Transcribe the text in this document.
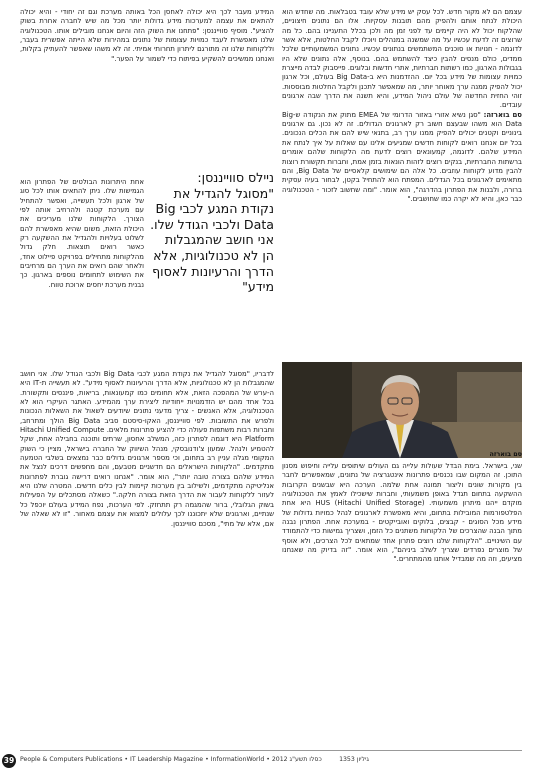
עצמם הם לא מקור חדש. לכל עסק יש מידע שלא עובד בטבלאות. מה שחדש הוא היכולת לנתח אותם ולהפיק מהם תובנות עסקיות. אלו הם נתונים חיצוניים, שהלקוח יכול לא היה קיימים עד לפני זמן מה ולכן בכלל התעניינו בהם. כל מה שרוצים זה לדעת עכשיו על מה שמשנה במנהלים ויוכלו לקבל החלטות, אלא אשר לדוגמה - חנויות או סוכנים המשתמשים בנתונים עכשיו. נתונים המשמעותיים שלכל ממדים, כולם מנסים להבין כיצד להשתמש בהם. בנוסף, אלה נתונים שלא היו בגבולות הארגון, כמו רשתות חברתיות, אתרי חדשות ובלוגים. פייסבוק לבדה מייצרת כמויות עצומות של מידע בכל יום. ההזדמנות היא ב-Big Data בעולם, וכל ארגון יכול להפיק ממנה ערך מאוחר יותר, מה שמאפשר לתכנן ולקבל החלטות מבוססות. זוהי החזית החדשה של עולם ניהול המידע, והיא תשנה את הדרך שבה ארגונים עובדים.

סם בוארזה: "סגן נשיא אזורי באזור הדרומי של EMEA מתוק את הנקודה ש-Big Data הוא משהו שבעצם חשוב רק לארגונים הגדולים. זה לא נכון. גם ארגונים בינוניים וקטנים יכולים להפיק ממנו ערך רב, בתנאי שיש להם את הכלים הנכונים. בכל יום אנחנו רואים לקוחות חדשים שמגיעים אלינו עם שאלות על איך לנתח את המידע שלהם. לדוגמה, קמעונאים רוצים לדעת מה הלקוחות שלהם אומרים ברשתות החברתיות, בנקים רוצים לזהות הונאות בזמן אמת, וחברות תקשורת רוצות להבין מדוע לקוחות עוזבים. כל אלה הם שימושים קלאסיים של Big Data, והם מתאימים לארגונים בכל הגדלים. המפתח הוא להתחיל בקטן, לבחור בעיה עסקית ברורה, ולבנות את הפתרון בהדרגה", הוא אומר. "ומה שחשוב לזכור - הטכנולוגיה כבר כאן, והיא לא יקרה כמו שחושבים."

המידע מעבר לכך היא יכולה לאחסן הכל באותה מערכת וגם זה יחודי - והיא יכולה להתאים את עצמה למערכות מידע גדולות יותר מכל מה שיש לחברה אחרת בשוק להציע". מוסיף סווייננסן: "פתחנו את השוק הזה והיום אנחנו מובילים אותו. הטכנולוגיה שלנו מאפשרת לעבד כמויות עצומות של נתונים במהירות שלא הייתה אפשרית בעבר, וללקוחות שלנו זה מתורגם ליתרון תחרותי אמיתי. זה לא משהו שאפשר להעתיק בקלות, ואנחנו ממשיכים להשקיע בפיתוח כדי לשמור על הפער."

ניילס סווייננסן:
"מסוגל להגדיל את נקודת המגע לכבי Big Data ולכבי הגודל שלו. אני חושב שהמגבלות הן לא טכנולוגיות, אלא הדרך והרעיונות לאסוף מידע"

אחת היתרונות הבולטים של הפתרון הוא הגמישות שלו. ניתן להתאים אותו לכל סוג של ארגון ולכל תעשייה, ואפשר להתחיל עם מערכת קטנה ולהרחיב אותה לפי הצורך. הלקוחות שלנו מעריכים את היכולת הזאת, משום שהיא מאפשרת להם לשלוט בעלויות ולהגדיל את ההשקעה רק כאשר רואים תוצאות. חלק גדול מהלקוחות מתחילים בפרויקט פיילוט אחד, ולאחר שהם רואים את הערך הם מרחיבים את השימוש לתחומים נוספים בארגון. כך נבנית מערכת יחסים ארוכת טווח.

לדבריו, "מסוגל להגדיל את נקודת המגע לכבי Big Data ולכבי הגודל שלו. אני חושב שהמגבלות הן לא טכנולוגיות, אלא הדרך והרעיונות לאסוף מידע". לא תעשייה ת-IT היא ה-ערש של המהפכה הזאת, אלא תחומים כמו קמעונאות, בריאות, פיננסים ותקשורת. בכל אחד מהם יש הזדמנויות ייחודיות ליצירת ערך מהמידע. האתגר העיקרי הוא לא הטכנולוגיה, אלא האנשים - צריך מדעני נתונים שיודעים לשאול את השאלות הנכונות ולפרש את התשובות. לפי סווייננסן, האקו-סיסטם סביב Big Data הולך ומתרחב, וחברות רבות משתפות פעולה כדי להציע פתרונות מלאים. Hitachi Unified Compute Platform היא דוגמה לפתרון כזה, המשלב אחסון, שרתים ותוכנה בחבילה אחת, שקל להטמיע ולנהל. שמעון צ'ודנובסקי, מנהל השיווק של החברה בישראל, מציין כי השוק המקומי מגלה עניין רב בתחום, וכי מספר ארגונים גדולים כבר נמצאים בשלבי הטמעה מתקדמים. "הלקוחות הישראלים הם חדשניים מטבעם, והם מחפשים דרכים לנצל את המידע שלהם בצורה טובה יותר", הוא אומר. "אנחנו רואים דרישה גוברת לפתרונות אנליטיקה מתקדמים, ולשילוב בין מערכות קיימות לבין כלים חדשים. המטרה שלנו היא לעזור ללקוחות לעבור את הדרך הזאת בצורה חלקה." כשאלה מסתכלים על הפעילות בשוק הגלובלי, ברור שהמגמה רק תתחזק. לפי הערכות, נפח המידע בעולם יוכפל כל שנתיים, וארגונים שלא יתכוננו לכך עלולים למצוא את עצמם מאחור. "זו לא שאלה של אם, אלא של מתי", מסכם סווייננסן.

סם בוארזה

שני, בישראל. בימת הבדל שעולות עלייה גם העולים שיתופים עלייה וחיפוש מסנון התוכן. זה המקום שבו נכנסים פתרונות אינטגרציה של נתונים, שמאפשרים לחבר בין מקורות שונים וליצור תמונה אחת שלמה. הערכה היא שבשנים הקרובות ההשקעה בתחום תגדל באופן משמעותי, וחברות שישכילו לאמץ את הטכנולוגיה מוקדם ייהנו מיתרון משמעותי. HUS (Hitachi Unified Storage) היא אחת הפלטפורמות המובילות בתחום, והיא מאפשרת לארגונים לנהל כמויות גדולות של מידע מכל הסוגים - קבצים, בלוקים ואובייקטים - במערכת אחת. הפתרון נבנה מתוך הבנה שהצרכים של הלקוחות משתנים כל הזמן, ושצריך גמישות כדי להתמודד עם השינויים. "הלקוחות שלנו רוצים פתרון אחד שמתאים לכל הצרכים, ולא אוסף של מוצרים נפרדים שצריך לשלב ביניהם", הוא אומר. "זה בדיוק מה שאנחנו מציעים, וזה מה שמבדיל אותנו מהמתחרים."

39 People & Computers Publications • IT Leadership Magazine • InformationWorld • 2012 כסלו תשע"ג	גיליון 1353
